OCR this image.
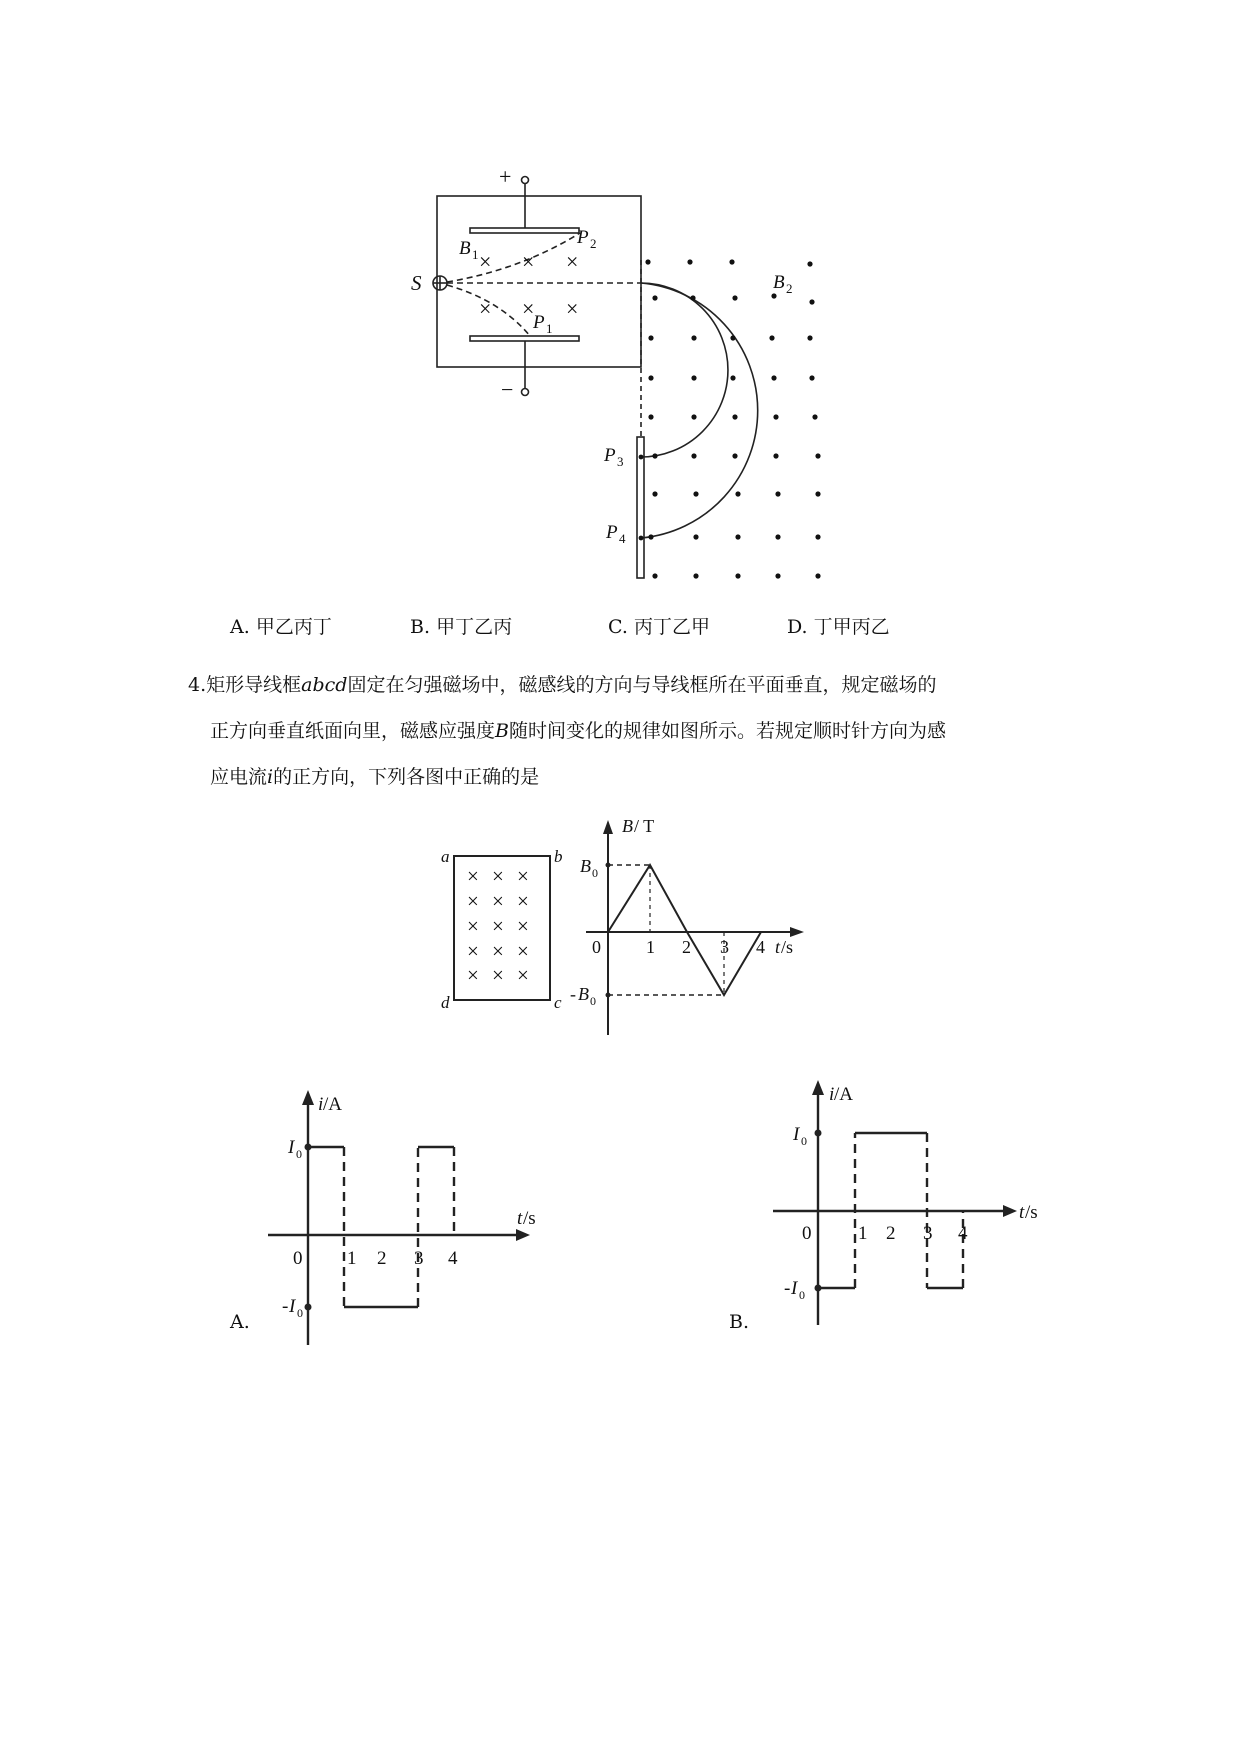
× × ×
× × ×
+
−
S
B 1
P 2
P 1
B 2
P 3
P 4
A. 甲乙丙丁	B. 甲丁乙丙	C. 丙丁乙甲	D. 丁甲丙乙
4.矩形导线框abcd固定在匀强磁场中，磁感线的方向与导线框所在平面垂直，规定磁场的
正方向垂直纸面向里，磁感应强度B随时间变化的规律如图所示。若规定顺时针方向为感
应电流i的正方向，下列各图中正确的是
× × ×
× × ×
× × ×
× × ×
× × ×
a	b
c
d
B / T
B 0
- B 0
0	1 2 3 4 t /s
i /A
I 0
- I 0
0 1 2 3 4
t /s
A.
i /A
I 0
- I 0
0 1 2 3 4
t /s
B.
